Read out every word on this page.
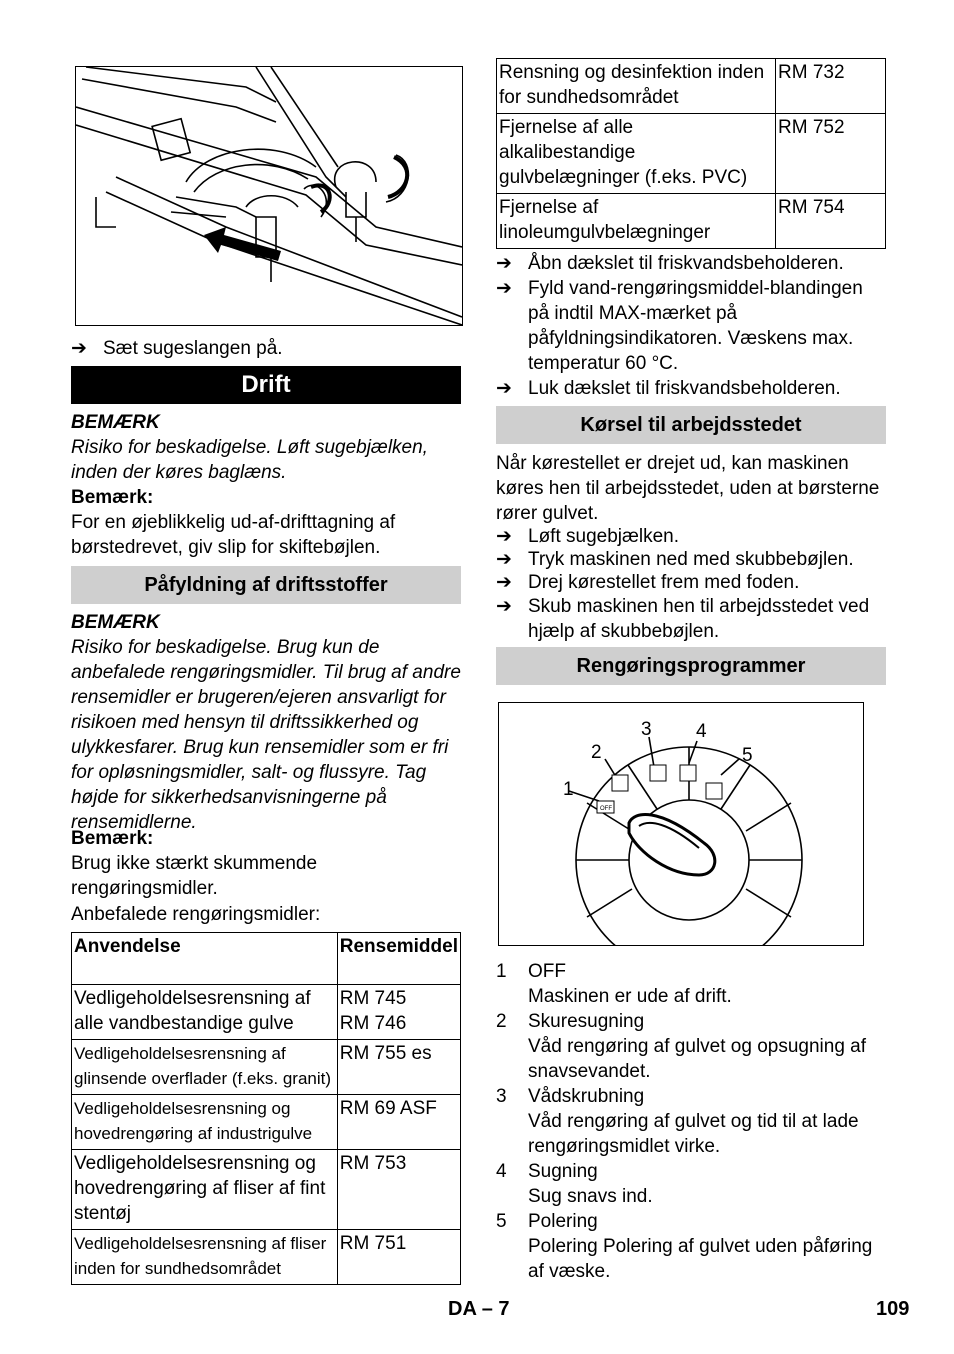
➔ Sæt sugeslangen på.
Drift
BEMÆRK
Risiko for beskadigelse. Løft sugebjælken, inden der køres baglæns.
Bemærk:
For en øjeblikkelig ud-af-drifttagning af børstedrevet, giv slip for skiftebøjlen.
Påfyldning af driftsstoffer
BEMÆRK
Risiko for beskadigelse. Brug kun de anbefalede rengøringsmidler. Til brug af andre rensemidler er brugeren/ejeren ansvarligt for risikoen med hensyn til driftssikkerhed og ulykkesfarer. Brug kun rensemidler som er fri for opløsningsmidler, salt- og flussyre. Tag højde for sikkerhedsanvisningerne på rensemidlerne.
Bemærk:
Brug ikke stærkt skummende rengøringsmidler.
Anbefalede rengøringsmidler:
Anvendelse	Rensemiddel
Vedligeholdelsesrensning af alle vandbestandige gulve	RM 745
RM 746
Vedligeholdelsesrensning af glinsende overflader (f.eks. granit)	RM 755 es
Vedligeholdelsesrensning og hovedrengøring af industrigulve	RM 69 ASF
Vedligeholdelsesrensning og hovedrengøring af fliser af fint stentøj	RM 753
Vedligeholdelsesrensning af fliser inden for sundhedsområdet	RM 751
Rensning og desinfektion inden for sundhedsområdet	RM 732
Fjernelse af alle alkalibestandige gulvbelægninger (f.eks. PVC)	RM 752
Fjernelse af linoleumgulvbelægninger	RM 754
➔ Åbn dækslet til friskvandsbeholderen.
➔ Fyld vand-rengøringsmiddel-blandingen på indtil MAX-mærket på påfyldningsindikatoren. Væskens max. temperatur 60 °C.
➔ Luk dækslet til friskvandsbeholderen.
Kørsel til arbejdsstedet
Når kørestellet er drejet ud, kan maskinen køres hen til arbejdsstedet, uden at børsterne rører gulvet.
➔ Løft sugebjælken.
➔ Tryk maskinen ned med skubbebøjlen.
➔ Drej kørestellet frem med foden.
➔ Skub maskinen hen til arbejdsstedet ved hjælp af skubbebøjlen.
Rengøringsprogrammer
OFF
1
2
3 4
5
1 OFF
Maskinen er ude af drift.
2 Skuresugning
Våd rengøring af gulvet og opsugning af snavsevandet.
3 Vådskrubning
Våd rengøring af gulvet og tid til at lade rengøringsmidlet virke.
4 Sugning
Sug snavs ind.
5 Polering
Polering Polering af gulvet uden påføring af væske.
DA – 7	109
